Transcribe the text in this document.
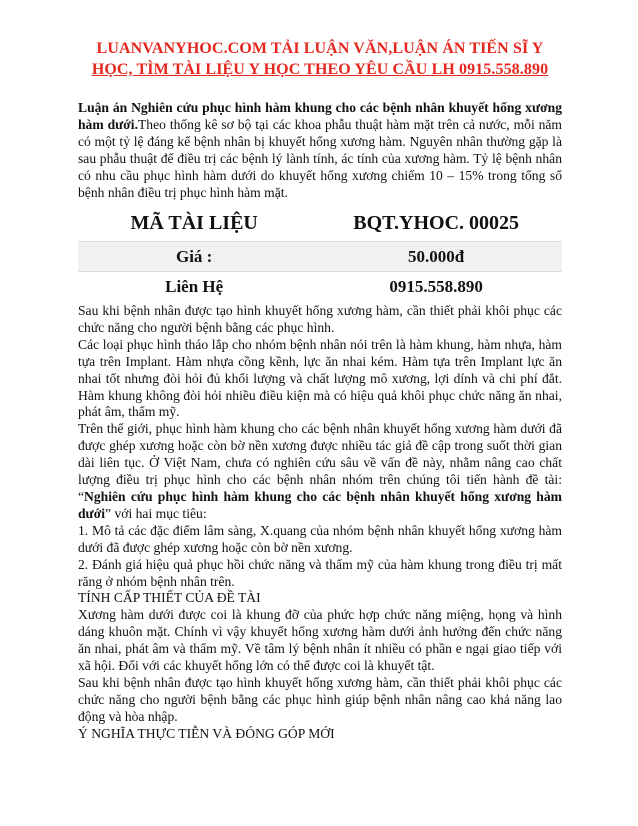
LUANVANYHOC.COM TẢI LUẬN VĂN,LUẬN ÁN TIẾN SĨ Y
HỌC, TÌM TÀI LIỆU Y HỌC THEO YÊU CẦU LH 0915.558.890
Luận án Nghiên cứu phục hình hàm khung cho các bệnh nhân khuyết hổng xương hàm dưới.Theo thống kê sơ bộ tại các khoa phẫu thuật hàm mặt trên cả nước, mỗi năm có một tỷ lệ đáng kể bệnh nhân bị khuyết hổng xương hàm. Nguyên nhân thường gặp là sau phẫu thuật để điều trị các bệnh lý lành tính, ác tính của xương hàm. Tỷ lệ bệnh nhân có nhu cầu phục hình hàm dưới do khuyết hổng xương chiếm 10 – 15% trong tổng số bệnh nhân điều trị phục hình hàm mặt.
MÃ TÀI LIỆU	BQT.YHOC. 00025
Giá :	50.000đ
Liên Hệ	0915.558.890

Sau khi bệnh nhân được tạo hình khuyết hổng xương hàm, cần thiết phải khôi phục các chức năng cho người bệnh bằng các phục hình.

Các loại phục hình tháo lắp cho nhóm bệnh nhân nói trên là hàm khung, hàm nhựa, hàm tựa trên Implant. Hàm nhựa cồng kềnh, lực ăn nhai kém. Hàm tựa trên Implant lực ăn nhai tốt nhưng đòi hỏi đủ khối lượng và chất lượng mô xương, lợi dính và chi phí đắt. Hàm khung không đòi hỏi nhiều điều kiện mà có hiệu quả khôi phục chức năng ăn nhai, phát âm, thẩm mỹ.

Trên thế giới, phục hình hàm khung cho các bệnh nhân khuyết hổng xương hàm dưới đã được ghép xương hoặc còn bờ nền xương được nhiều tác giả đề cập trong suốt thời gian dài liên tục. Ở Việt Nam, chưa có nghiên cứu sâu về vấn đề này, nhằm nâng cao chất lượng điều trị phục hình cho các bệnh nhân nhóm trên chúng tôi tiến hành đề tài: “Nghiên cứu phục hình hàm khung cho các bệnh nhân khuyết hổng xương hàm dưới” với hai mục tiêu:

1. Mô tả các đặc điểm lâm sàng, X.quang của nhóm bệnh nhân khuyết hổng xương hàm dưới đã được ghép xương hoặc còn bờ nền xương.

2. Đánh giá hiệu quả phục hồi chức năng và thẩm mỹ của hàm khung trong điều trị mất răng ở nhóm bệnh nhân trên.

TÍNH CẤP THIẾT CỦA ĐỀ TÀI

Xương hàm dưới được coi là khung đỡ của phức hợp chức năng miệng, họng và hình dáng khuôn mặt. Chính vì vậy khuyết hổng xương hàm dưới ảnh hưởng đến chức năng ăn nhai, phát âm và thẩm mỹ. Về tâm lý bệnh nhân ít nhiều có phần e ngại giao tiếp với xã hội. Đối với các khuyết hổng lớn có thể được coi là khuyết tật.

Sau khi bệnh nhân được tạo hình khuyết hổng xương hàm, cần thiết phải khôi phục các chức năng cho người bệnh bằng các phục hình giúp bệnh nhân nâng cao khả năng lao động và hòa nhập.

Ý NGHĨA THỰC TIỄN VÀ ĐÓNG GÓP MỚI
